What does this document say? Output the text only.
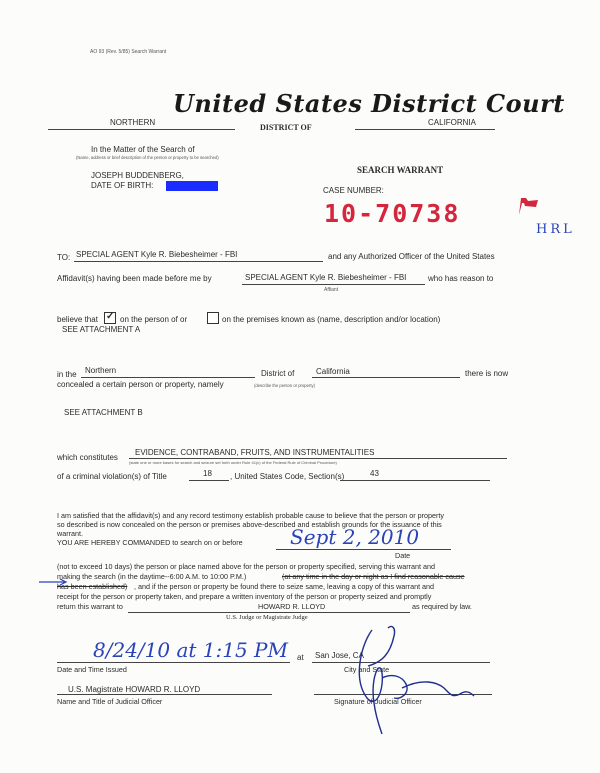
AO 93 (Rev. 5/85) Search Warrant
United States District Court
NORTHERN
DISTRICT OF
CALIFORNIA
In the Matter of the Search of
(Name, address or brief description of the person or property to be searched)
JOSEPH BUDDENBERG,
DATE OF BIRTH:
SEARCH WARRANT
CASE NUMBER:
10-70738
HRL
TO: SPECIAL AGENT Kyle R. Biebesheimer - FBI	and any Authorized Officer of the United States
Affidavit(s) having been made before me by	SPECIAL AGENT Kyle R. Biebesheimer - FBI	who has reason to
Affiant
believe that ✓ on the person of or	on the premises known as (name, description and/or location)
SEE ATTACHMENT A
in the Northern	District of	California	there is now
concealed a certain person or property, namely	(describe the person or property)
SEE ATTACHMENT B
which constitutes
EVIDENCE, CONTRABAND, FRUITS, AND INSTRUMENTALITIES
(state one or more bases for search and seizure set forth under Rule 41(c) of the Federal Rule of Criminal Procedure)
of a criminal violation(s) of Title	18 , United States Code, Section(s)	43
I am satisfied that the affidavit(s) and any record testimony establish probable cause to believe that the person or property
so described is now concealed on the person or premises above-described and establish grounds for the issuance of this
warrant.
YOU ARE HEREBY COMMANDED to search on or before Sept 2, 2010
Date
(not to exceed 10 days) the person or place named above for the person or property specified, serving this warrant and
making the search (in the daytime--6:00 A.M. to 10:00 P.M.)	(at any time in the day or night as I find reasonable cause
has been established) , and if the person or property be found there to seize same, leaving a copy of this warrant and
receipt for the person or property taken, and prepare a written inventory of the person or property seized and promptly
return this warrant to	HOWARD R. LLOYD	as required by law.
U.S. Judge or Magistrate Judge
8/24/10 at 1:15 PM at San Jose, CA
Date and Time Issued	City and State
U.S. Magistrate HOWARD R. LLOYD
Name and Title of Judicial Officer	Signature of Judicial Officer
